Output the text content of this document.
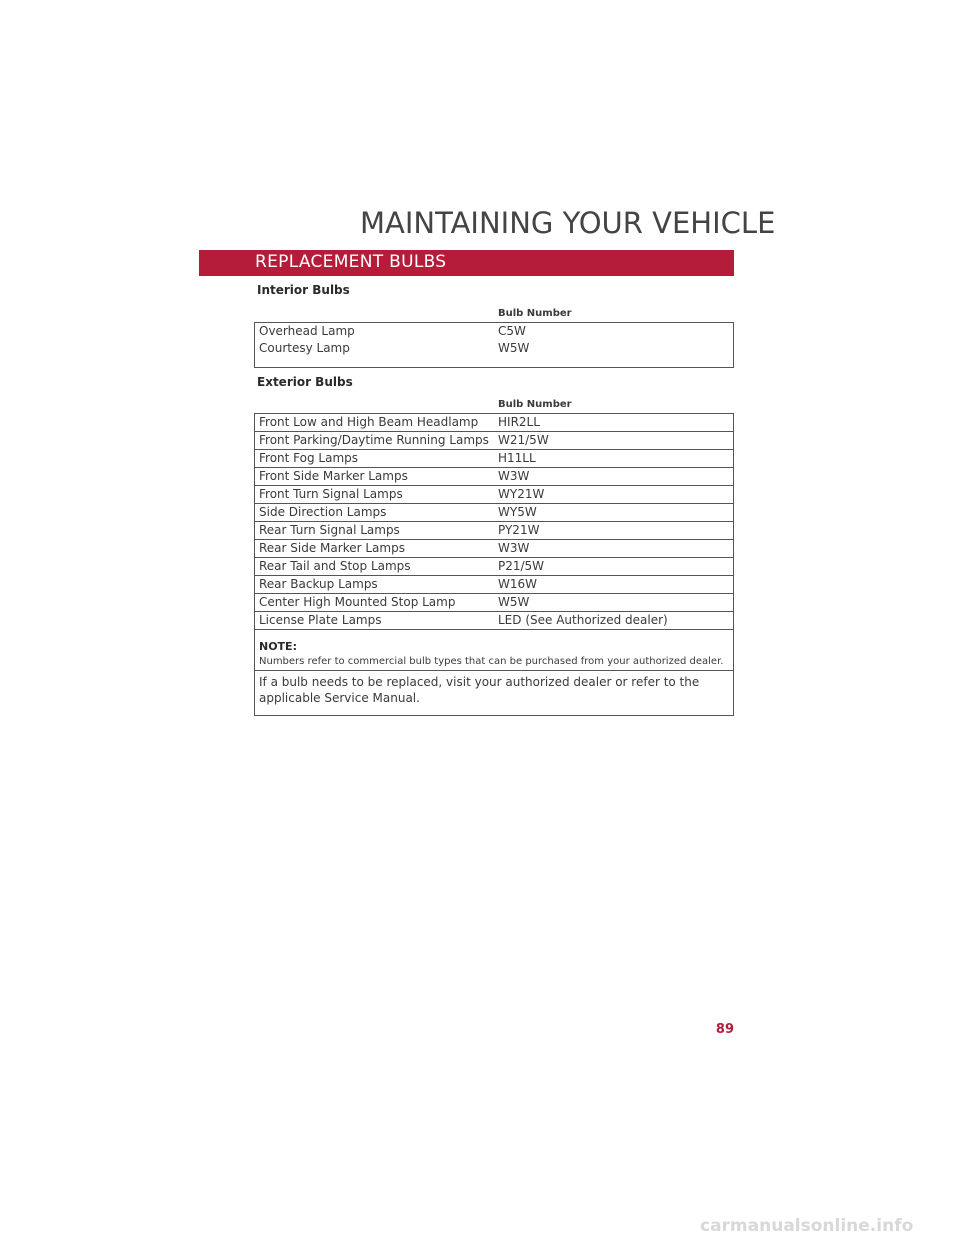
MAINTAINING YOUR VEHICLE
REPLACEMENT BULBS
Interior Bulbs
	Bulb Number
Overhead Lamp	C5W
Courtesy Lamp	W5W

Exterior Bulbs
	Bulb Number
Front Low and High Beam Headlamp	HIR2LL
Front Parking/Daytime Running Lamps	W21/5W
Front Fog Lamps	H11LL
Front Side Marker Lamps	W3W
Front Turn Signal Lamps	WY21W
Side Direction Lamps	WY5W
Rear Turn Signal Lamps	PY21W
Rear Side Marker Lamps	W3W
Rear Tail and Stop Lamps	P21/5W
Rear Backup Lamps	W16W
Center High Mounted Stop Lamp	W5W
License Plate Lamps	LED (See Authorized dealer)
NOTE:
Numbers refer to commercial bulb types that can be purchased from your authorized dealer.
If a bulb needs to be replaced, visit your authorized dealer or refer to the applicable Service Manual.
89
carmanualsonline.info
